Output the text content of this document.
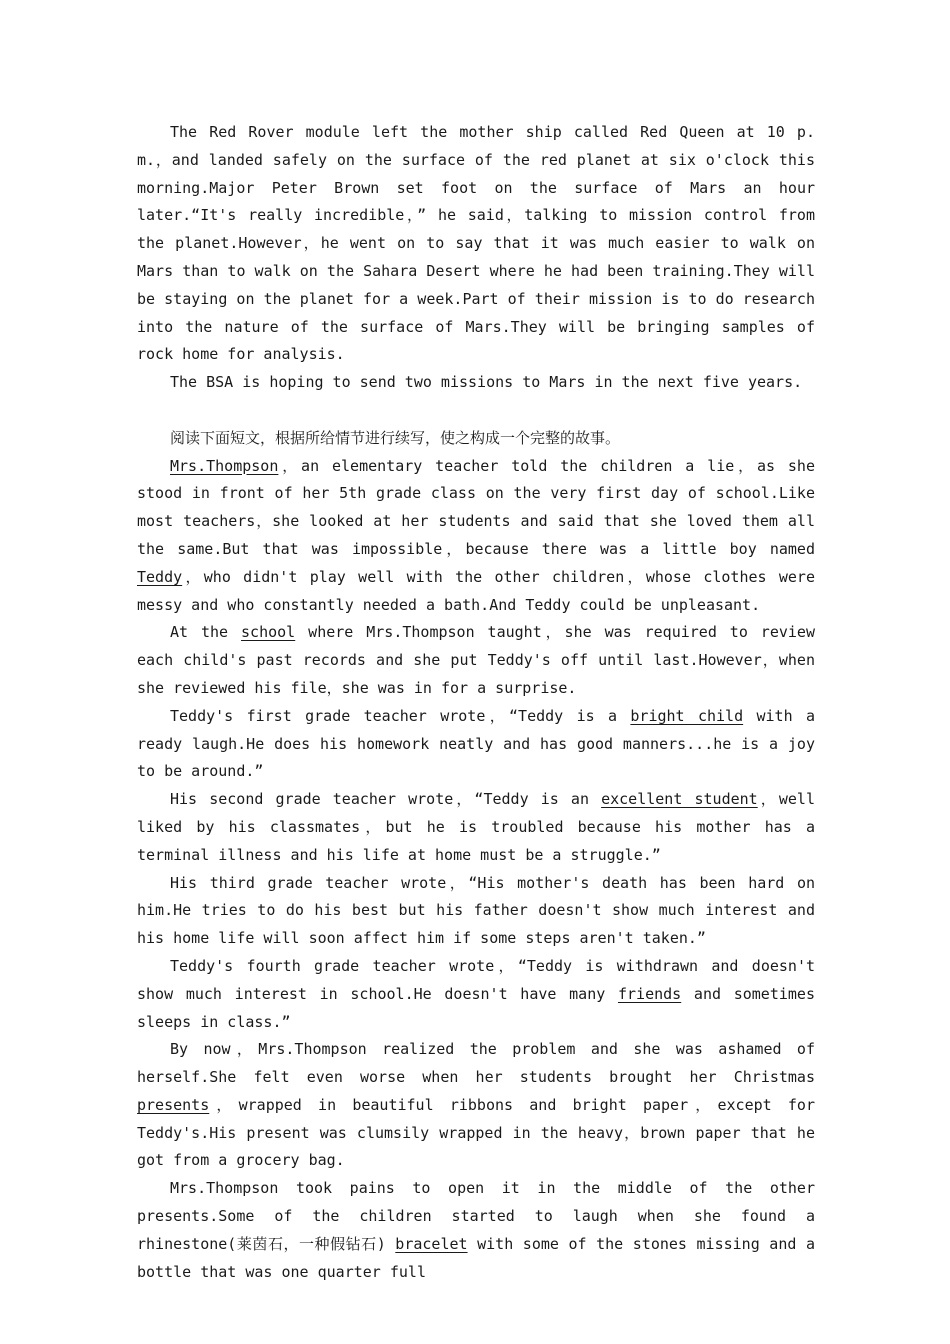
The Red Rover module left the mother ship called Red Queen at 10 p. m.，and landed safely on the surface of the red planet at six o'clock this morning.Major Peter Brown set foot on the surface of Mars an hour later.“It's really incredible，” he said，talking to mission control from the planet.However，he went on to say that it was much easier to walk on Mars than to walk on the Sahara Desert where he had been training.They will be staying on the planet for a week.Part of their mission is to do research into the nature of the surface of Mars.They will be bringing samples of rock home for analysis.

The BSA is hoping to send two missions to Mars in the next five years.

阅读下面短文，根据所给情节进行续写，使之构成一个完整的故事。

Mrs.Thompson，an elementary teacher told the children a lie，as she stood in front of her 5th grade class on the very first day of school.Like most teachers，she looked at her students and said that she loved them all the same.But that was impossible，because there was a little boy named Teddy，who didn't play well with the other children，whose clothes were messy and who constantly needed a bath.And Teddy could be unpleasant.

At the school where Mrs.Thompson taught，she was required to review each child's past records and she put Teddy's off until last.However，when she reviewed his file，she was in for a surprise.

Teddy's first grade teacher wrote，“Teddy is a bright child with a ready laugh.He does his homework neatly and has good manners...he is a joy to be around.”

His second grade teacher wrote，“Teddy is an excellent student，well liked by his classmates，but he is troubled because his mother has a terminal illness and his life at home must be a struggle.”

His third grade teacher wrote，“His mother's death has been hard on him.He tries to do his best but his father doesn't show much interest and his home life will soon affect him if some steps aren't taken.”

Teddy's fourth grade teacher wrote，“Teddy is withdrawn and doesn't show much interest in school.He doesn't have many friends and sometimes sleeps in class.”

By now，Mrs.Thompson realized the problem and she was ashamed of herself.She felt even worse when her students brought her Christmas presents，wrapped in beautiful ribbons and bright paper，except for Teddy's.His present was clumsily wrapped in the heavy，brown paper that he got from a grocery bag.

Mrs.Thompson took pains to open it in the middle of the other presents.Some of the children started to laugh when she found a rhinestone(莱茵石，一种假钻石) bracelet with some of the stones missing and a bottle that was one quarter full
